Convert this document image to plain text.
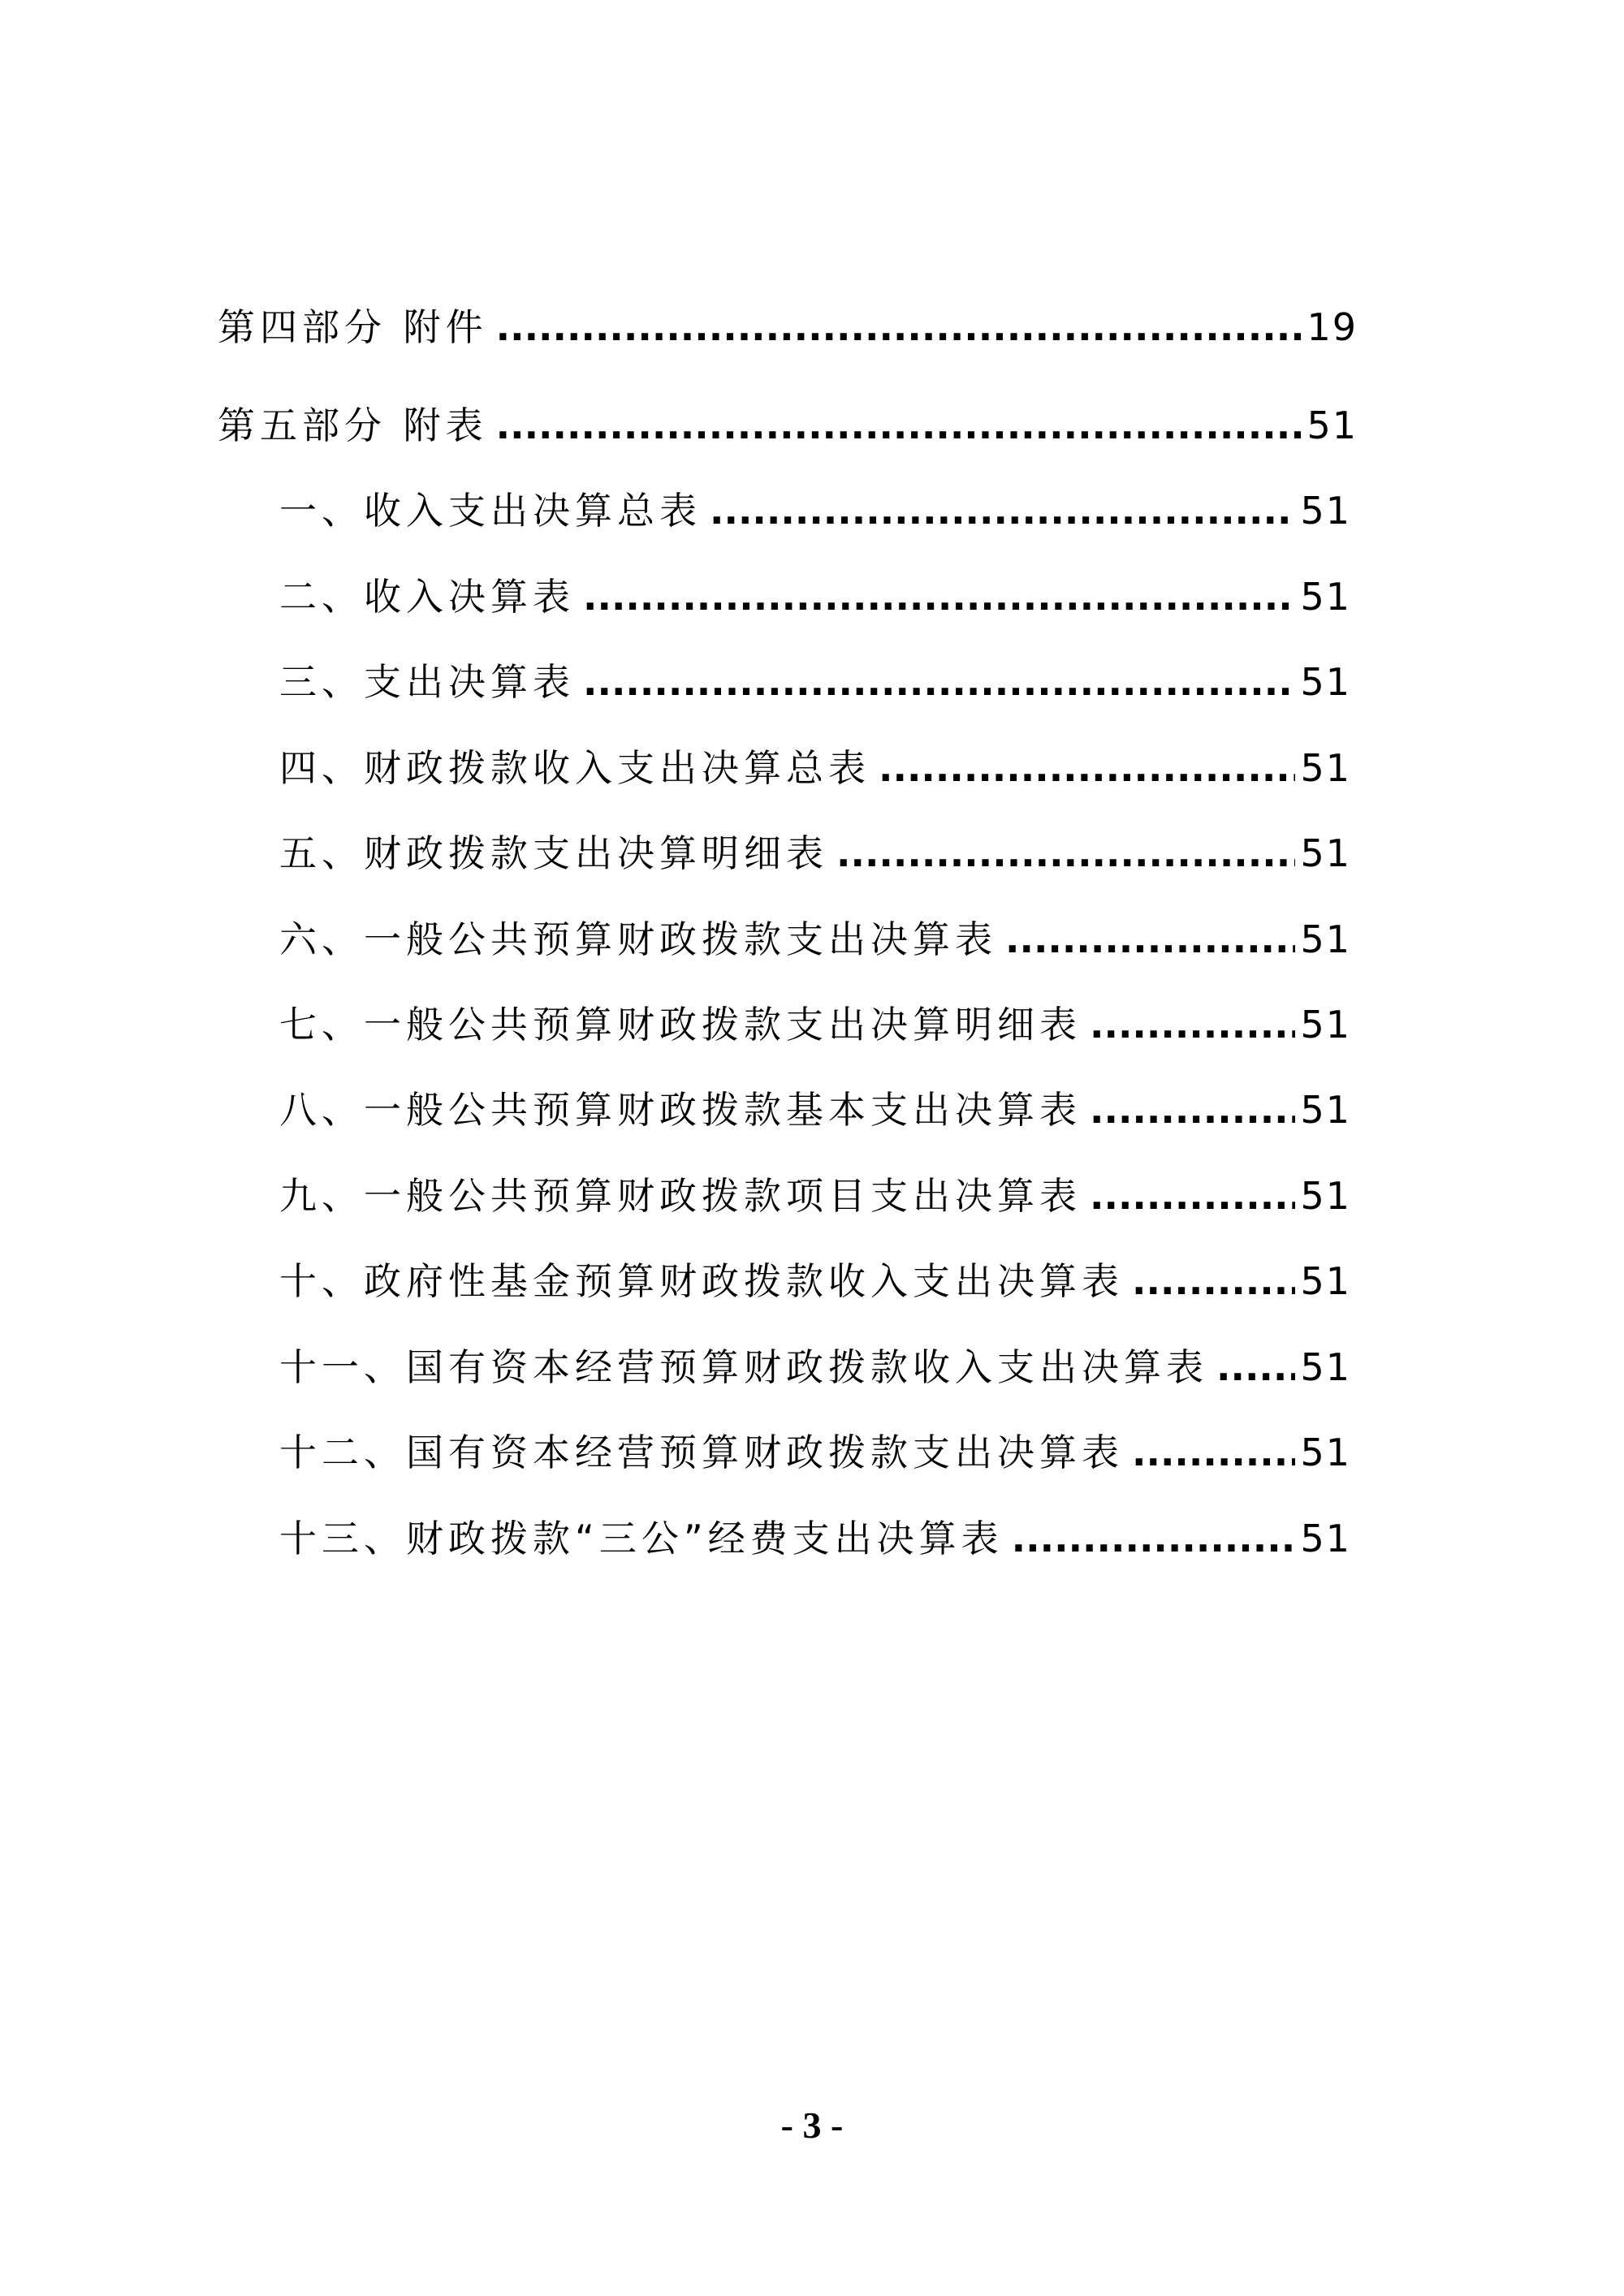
第四部分 附件 .....	19
第五部分 附表 .....	51
一、收入支出决算总表 .....	51
二、收入决算表 .....	51
三、支出决算表 .....	51
四、财政拨款收入支出决算总表 .....	51
五、财政拨款支出决算明细表 .....	51
六、一般公共预算财政拨款支出决算表 .....	51
七、一般公共预算财政拨款支出决算明细表 .....	51
八、一般公共预算财政拨款基本支出决算表 .....	51
九、一般公共预算财政拨款项目支出决算表 .....	51
十、政府性基金预算财政拨款收入支出决算表 .....	51
十一、国有资本经营预算财政拨款收入支出决算表 ..... 51
十二、国有资本经营预算财政拨款支出决算表 .....	51
十三、财政拨款“三公”经费支出决算表 .....	51
- 3 -
